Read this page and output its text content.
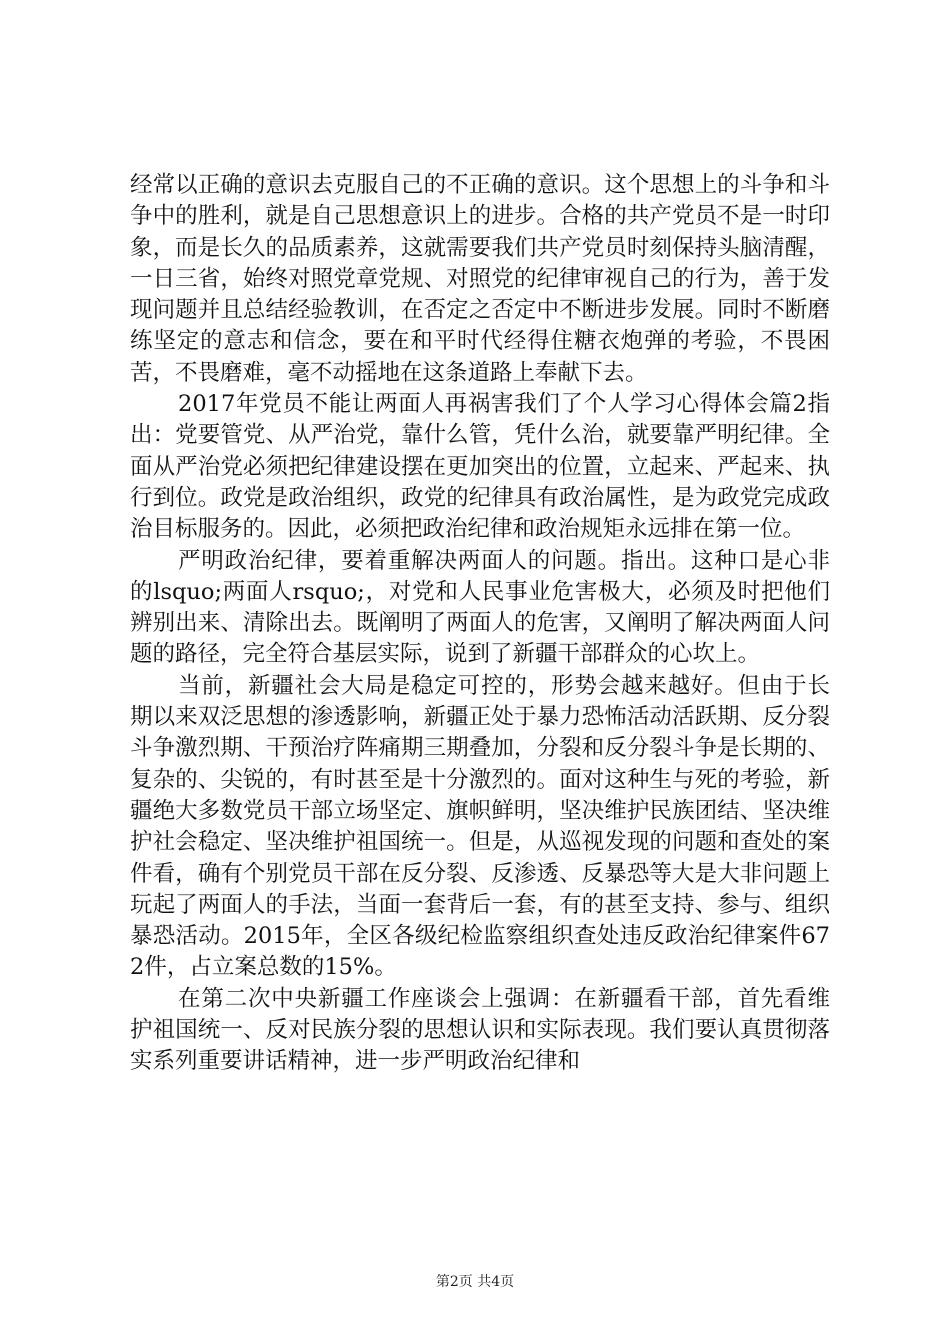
经常以正确的意识去克服自己的不正确的意识。这个思想上的斗争和斗争中的胜利，就是自己思想意识上的进步。合格的共产党员不是一时印象，而是长久的品质素养，这就需要我们共产党员时刻保持头脑清醒，一日三省，始终对照党章党规、对照党的纪律审视自己的行为，善于发现问题并且总结经验教训，在否定之否定中不断进步发展。同时不断磨练坚定的意志和信念，要在和平时代经得住糖衣炮弹的考验，不畏困苦，不畏磨难，毫不动摇地在这条道路上奉献下去。

2017年党员不能让两面人再祸害我们了个人学习心得体会篇2指出：党要管党、从严治党，靠什么管，凭什么治，就要靠严明纪律。全面从严治党必须把纪律建设摆在更加突出的位置，立起来、严起来、执行到位。政党是政治组织，政党的纪律具有政治属性，是为政党完成政治目标服务的。因此，必须把政治纪律和政治规矩永远排在第一位。

严明政治纪律，要着重解决两面人的问题。指出。这种口是心非的lsquo;两面人rsquo;，对党和人民事业危害极大，必须及时把他们辨别出来、清除出去。既阐明了两面人的危害，又阐明了解决两面人问题的路径，完全符合基层实际，说到了新疆干部群众的心坎上。

当前，新疆社会大局是稳定可控的，形势会越来越好。但由于长期以来双泛思想的渗透影响，新疆正处于暴力恐怖活动活跃期、反分裂斗争激烈期、干预治疗阵痛期三期叠加，分裂和反分裂斗争是长期的、复杂的、尖锐的，有时甚至是十分激烈的。面对这种生与死的考验，新疆绝大多数党员干部立场坚定、旗帜鲜明，坚决维护民族团结、坚决维护社会稳定、坚决维护祖国统一。但是，从巡视发现的问题和查处的案件看，确有个别党员干部在反分裂、反渗透、反暴恐等大是大非问题上玩起了两面人的手法，当面一套背后一套，有的甚至支持、参与、组织暴恐活动。2015年，全区各级纪检监察组织查处违反政治纪律案件672件，占立案总数的15%。

在第二次中央新疆工作座谈会上强调：在新疆看干部，首先看维护祖国统一、反对民族分裂的思想认识和实际表现。我们要认真贯彻落实系列重要讲话精神，进一步严明政治纪律和

第2页 共4页
